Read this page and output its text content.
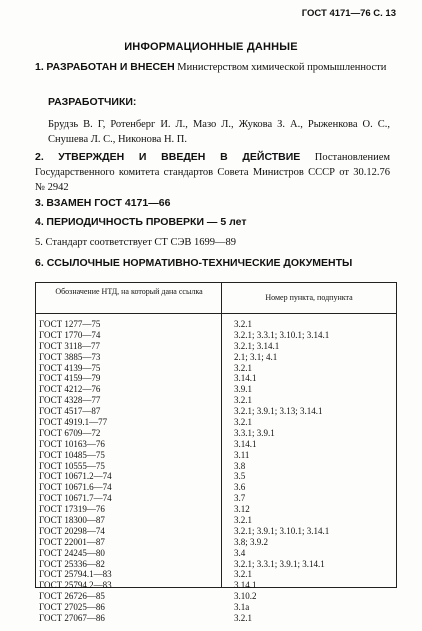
ГОСТ 4171—76 С. 13
ИНФОРМАЦИОННЫЕ ДАННЫЕ
1. РАЗРАБОТАН И ВНЕСЕН Министерством химической промышленности
РАЗРАБОТЧИКИ:
Брудзь В. Г, Ротенберг И. Л., Мазо Л., Жукова З. А., Рыженкова О. С., Снушева Л. С., Никонова Н. П.
2. УТВЕРЖДЕН И ВВЕДЕН В ДЕЙСТВИЕ Постановлением Государственного комитета стандартов Совета Министров СССР от 30.12.76 № 2942
3. ВЗАМЕН ГОСТ 4171—66
4. ПЕРИОДИЧНОСТЬ ПРОВЕРКИ — 5 лет
5. Стандарт соответствует СТ СЭВ 1699—89
6. ССЫЛОЧНЫЕ НОРМАТИВНО-ТЕХНИЧЕСКИЕ ДОКУМЕНТЫ
Обозначение НТД, на который дана ссылка
Номер пункта, подпункта
ГОСТ 1277—75	3.2.1
ГОСТ 1770—74	3.2.1; 3.3.1; 3.10.1; 3.14.1
ГОСТ 3118—77	3.2.1; 3.14.1
ГОСТ 3885—73	2.1; 3.1; 4.1
ГОСТ 4139—75	3.2.1
ГОСТ 4159—79	3.14.1
ГОСТ 4212—76	3.9.1
ГОСТ 4328—77	3.2.1
ГОСТ 4517—87	3.2.1; 3.9.1; 3.13; 3.14.1
ГОСТ 4919.1—77	3.2.1
ГОСТ 6709—72	3.3.1; 3.9.1
ГОСТ 10163—76	3.14.1
ГОСТ 10485—75	3.11
ГОСТ 10555—75	3.8
ГОСТ 10671.2—74	3.5
ГОСТ 10671.6—74	3.6
ГОСТ 10671.7—74	3.7
ГОСТ 17319—76	3.12
ГОСТ 18300—87	3.2.1
ГОСТ 20298—74	3.2.1; 3.9.1; 3.10.1; 3.14.1
ГОСТ 22001—87	3.8; 3.9.2
ГОСТ 24245—80	3.4
ГОСТ 25336—82	3.2.1; 3.3.1; 3.9.1; 3.14.1
ГОСТ 25794.1—83	3.2.1
ГОСТ 25794.2—83	3.14.1
ГОСТ 26726—85	3.10.2
ГОСТ 27025—86	3.1а
ГОСТ 27067—86	3.2.1
